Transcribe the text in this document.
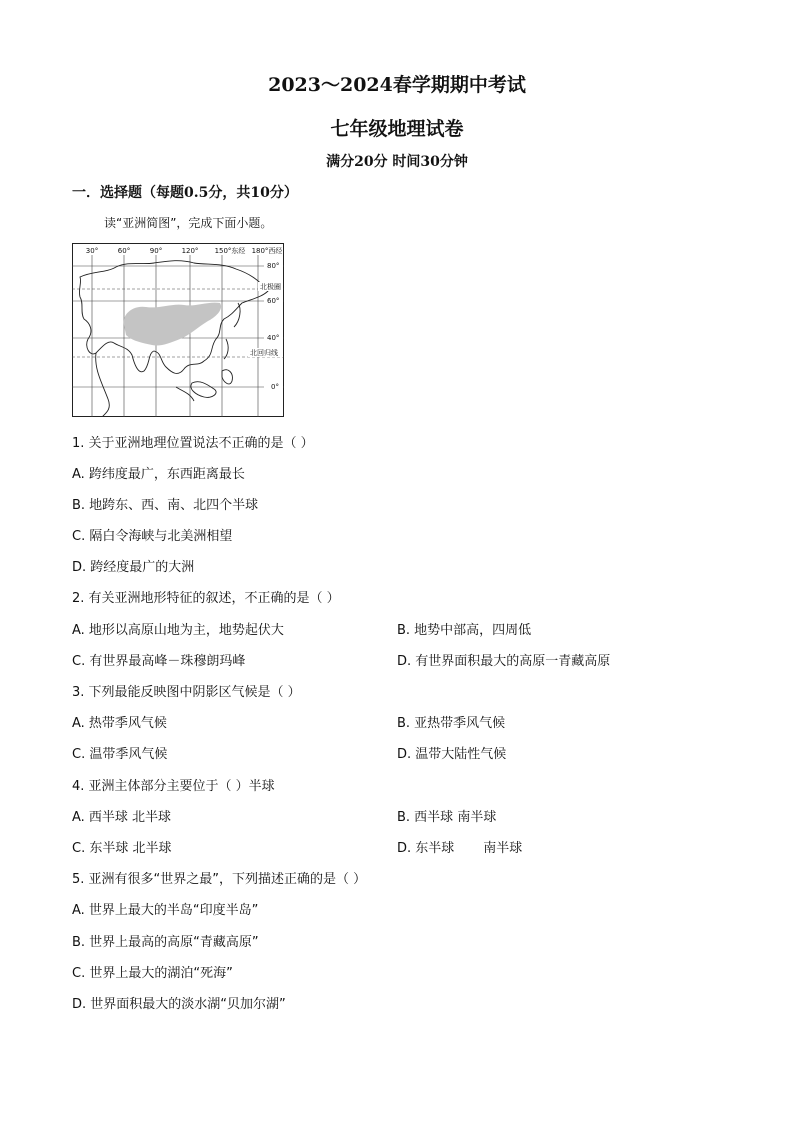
2023～2024春学期期中考试
七年级地理试卷
满分20分 时间30分钟
一．选择题（每题0.5分，共10分）
读“亚洲简图”，完成下面小题。
30°	60°	90°	120° 150°东经 180°西经
80°
北极圈
60°
40°
北回归线
0°
1. 关于亚洲地理位置说法不正确的是（ ）
A. 跨纬度最广，东西距离最长
B. 地跨东、西、南、北四个半球
C. 隔白令海峡与北美洲相望
D. 跨经度最广的大洲
2. 有关亚洲地形特征的叙述，不正确的是（ ）
A. 地形以高原山地为主，地势起伏大	B. 地势中部高，四周低
C. 有世界最高峰－珠穆朗玛峰	D. 有世界面积最大的高原一青藏高原
3. 下列最能反映图中阴影区气候是（ ）
A. 热带季风气候	B. 亚热带季风气候
C. 温带季风气候	D. 温带大陆性气候
4. 亚洲主体部分主要位于（ ）半球
A. 西半球 北半球	B. 西半球 南半球
C. 东半球 北半球	D. 东半球       南半球
5. 亚洲有很多“世界之最”，下列描述正确的是（ ）
A. 世界上最大的半岛“印度半岛”
B. 世界上最高的高原“青藏高原”
C. 世界上最大的湖泊“死海”
D. 世界面积最大的淡水湖“贝加尔湖”
